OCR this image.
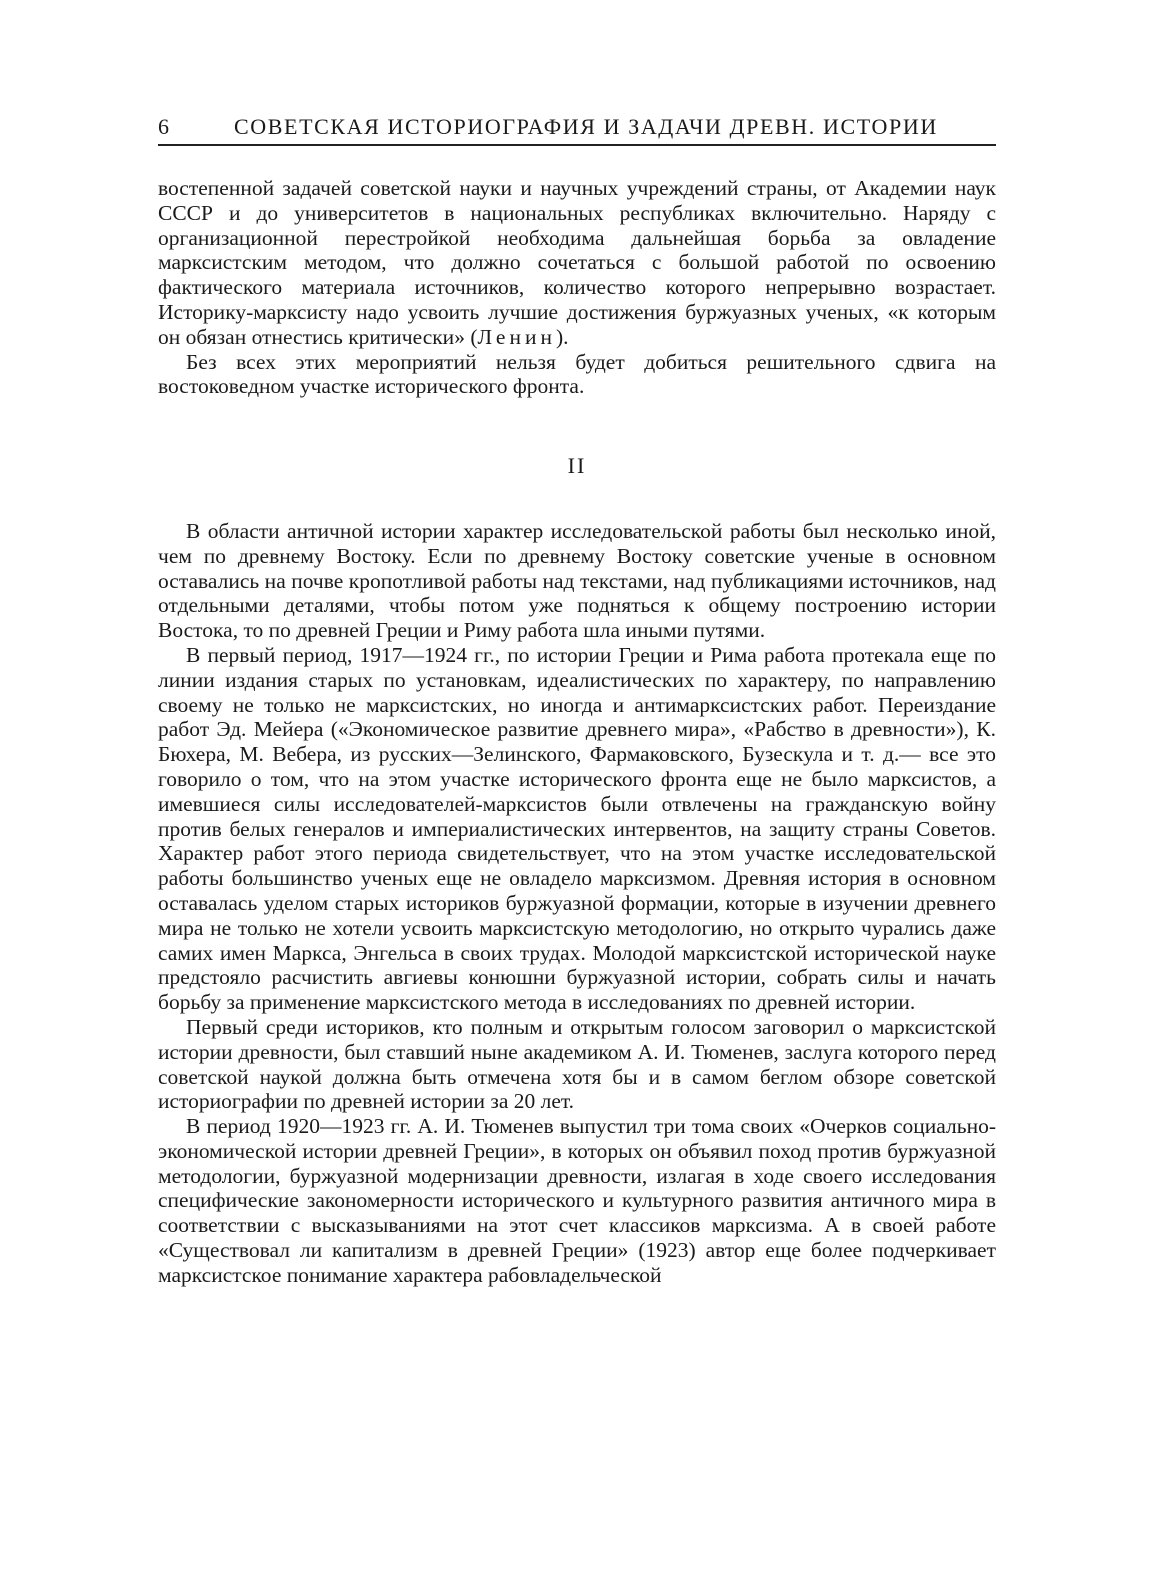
6	СОВЕТСКАЯ ИСТОРИОГРАФИЯ И ЗАДАЧИ ДРЕВН. ИСТОРИИ

востепенной задачей советской науки и научных учреждений страны, от Академии наук СССР и до университетов в национальных республиках включительно. Наряду с организационной перестройкой необходима дальнейшая борьба за овладение марксистским методом, что должно сочетаться с большой работой по освоению фактического материала источников, количество которого непрерывно возрастает. Историку-марксисту надо усвоить лучшие достижения буржуазных ученых, «к которым он обязан отнестись критически» (Ленин).

Без всех этих мероприятий нельзя будет добиться решительного сдвига на востоковедном участке исторического фронта.

II

В области античной истории характер исследовательской работы был несколько иной, чем по древнему Востоку. Если по древнему Востоку советские ученые в основном оставались на почве кропотливой работы над текстами, над публикациями источников, над отдельными деталями, чтобы потом уже подняться к общему построению истории Востока, то по древней Греции и Риму работа шла иными путями.

В первый период, 1917—1924 гг., по истории Греции и Рима работа протекала еще по линии издания старых по установкам, идеалистических по характеру, по направлению своему не только не марксистских, но иногда и антимарксистских работ. Переиздание работ Эд. Мейера («Экономическое развитие древнего мира», «Рабство в древности»), К. Бюхера, М. Вебера, из русских—Зелинского, Фармаковского, Бузескула и т. д.— все это говорило о том, что на этом участке исторического фронта еще не было марксистов, а имевшиеся силы исследователей-марксистов были отвлечены на гражданскую войну против белых генералов и империалистических интервентов, на защиту страны Советов. Характер работ этого периода свидетельствует, что на этом участке исследовательской работы большинство ученых еще не овладело марксизмом. Древняя история в основном оставалась уделом старых историков буржуазной формации, которые в изучении древнего мира не только не хотели усвоить марксистскую методологию, но открыто чурались даже самих имен Маркса, Энгельса в своих трудах. Молодой марксистской исторической науке предстояло расчистить авгиевы конюшни буржуазной истории, собрать силы и начать борьбу за применение марксистского метода в исследованиях по древней истории.

Первый среди историков, кто полным и открытым голосом заговорил о марксистской истории древности, был ставший ныне академиком А. И. Тюменев, заслуга которого перед советской наукой должна быть отмечена хотя бы и в самом беглом обзоре советской историографии по древней истории за 20 лет.

В период 1920—1923 гг. А. И. Тюменев выпустил три тома своих «Очерков социально-экономической истории древней Греции», в которых он объявил поход против буржуазной методологии, буржуазной модернизации древности, излагая в ходе своего исследования специфические закономерности исторического и культурного развития античного мира в соответствии с высказываниями на этот счет классиков марксизма. А в своей работе «Существовал ли капитализм в древней Греции» (1923) автор еще более подчеркивает марксистское понимание характера рабовладельческой
